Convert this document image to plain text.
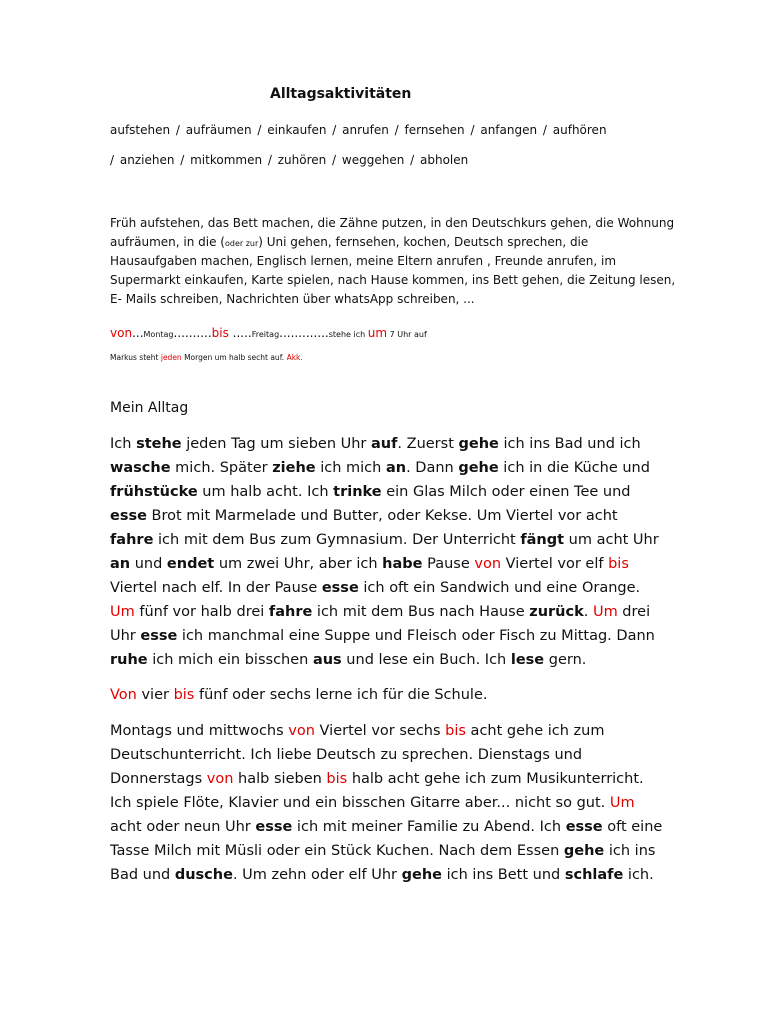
Alltagsaktivitäten
aufstehen / aufräumen / einkaufen / anrufen / fernsehen / anfangen / aufhören
/ anziehen / mitkommen / zuhören / weggehen / abholen
Früh aufstehen, das Bett machen, die Zähne putzen, in den Deutschkurs gehen, die Wohnung
aufräumen, in die (oder zur) Uni gehen, fernsehen, kochen, Deutsch sprechen, die
Hausaufgaben machen, Englisch lernen, meine Eltern anrufen , Freunde anrufen, im
Supermarkt einkaufen, Karte spielen, nach Hause kommen, ins Bett gehen, die Zeitung lesen,
E- Mails schreiben, Nachrichten über whatsApp schreiben, ...
von...Montag..........bis .....Freitag.............stehe ich um 7 Uhr auf
Markus steht jeden Morgen um halb secht auf. Akk.
Mein Alltag
Ich stehe jeden Tag um sieben Uhr auf. Zuerst gehe ich ins Bad und ich
wasche mich. Später ziehe ich mich an. Dann gehe ich in die Küche und
frühstücke um halb acht. Ich trinke ein Glas Milch oder einen Tee und
esse Brot mit Marmelade und Butter, oder Kekse. Um Viertel vor acht
fahre ich mit dem Bus zum Gymnasium. Der Unterricht fängt um acht Uhr
an und endet um zwei Uhr, aber ich habe Pause von Viertel vor elf bis
Viertel nach elf. In der Pause esse ich oft ein Sandwich und eine Orange.
Um fünf vor halb drei fahre ich mit dem Bus nach Hause zurück. Um drei
Uhr esse ich manchmal eine Suppe und Fleisch oder Fisch zu Mittag. Dann
ruhe ich mich ein bisschen aus und lese ein Buch. Ich lese gern.
Von vier bis fünf oder sechs lerne ich für die Schule.
Montags und mittwochs von Viertel vor sechs bis acht gehe ich zum
Deutschunterricht. Ich liebe Deutsch zu sprechen. Dienstags und
Donnerstags von halb sieben bis halb acht gehe ich zum Musikunterricht.
Ich spiele Flöte, Klavier und ein bisschen Gitarre aber... nicht so gut. Um
acht oder neun Uhr esse ich mit meiner Familie zu Abend. Ich esse oft eine
Tasse Milch mit Müsli oder ein Stück Kuchen. Nach dem Essen gehe ich ins
Bad und dusche. Um zehn oder elf Uhr gehe ich ins Bett und schlafe ich.
